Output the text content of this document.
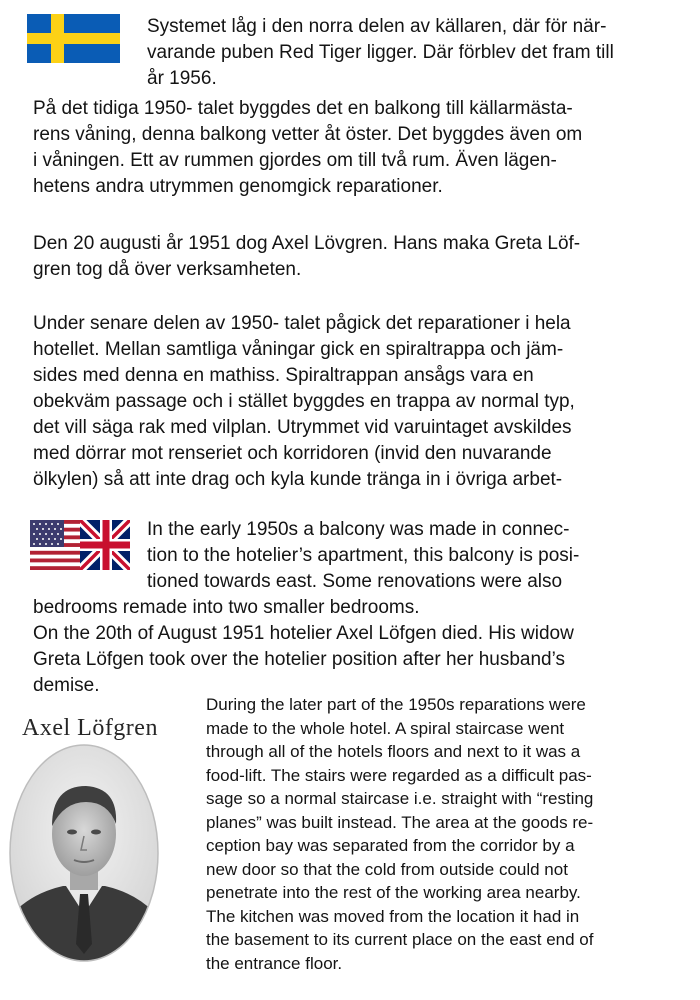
Systemet låg i den norra delen av källaren, där för när-
varande puben Red Tiger ligger. Där förblev det fram till
år 1956.
På det tidiga 1950- talet byggdes det en balkong till källarmästa-
rens våning, denna balkong vetter åt öster. Det byggdes även om
i våningen. Ett av rummen gjordes om till två rum. Även lägen-
hetens andra utrymmen genomgick reparationer.
Den 20 augusti år 1951 dog Axel Lövgren. Hans maka Greta Löf-
gren tog då över verksamheten.
Under senare delen av 1950- talet pågick det reparationer i hela
hotellet. Mellan samtliga våningar gick en spiraltrappa och jäm-
sides med denna en mathiss. Spiraltrappan ansågs vara en
obekväm passage och i stället byggdes en trappa av normal typ,
det vill säga rak med vilplan. Utrymmet vid varuintaget avskildes
med dörrar mot renseriet och korridoren (invid den nuvarande
ölkylen) så att inte drag och kyla kunde tränga in i övriga arbet-
In the early 1950s a balcony was made in connec-
tion to the hotelier’s apartment, this balcony is posi-
tioned towards east. Some renovations were also
bedrooms remade into two smaller bedrooms.
On the 20th of August 1951 hotelier Axel Löfgen died. His widow
Greta Löfgen took over the hotelier position after her husband’s
demise.
Axel Löfgren
During the later part of the 1950s reparations were
made to the whole hotel. A spiral staircase went
through all of the hotels floors and next to it was a
food-lift. The stairs were regarded as a difficult pas-
sage so a normal staircase i.e. straight with “resting
planes” was built instead. The area at the goods re-
ception bay was separated from the corridor by a
new door so that the cold from outside could not
penetrate into the rest of the working area nearby.
The kitchen was moved from the location it had in
the basement to its current place on the east end of
the entrance floor.
